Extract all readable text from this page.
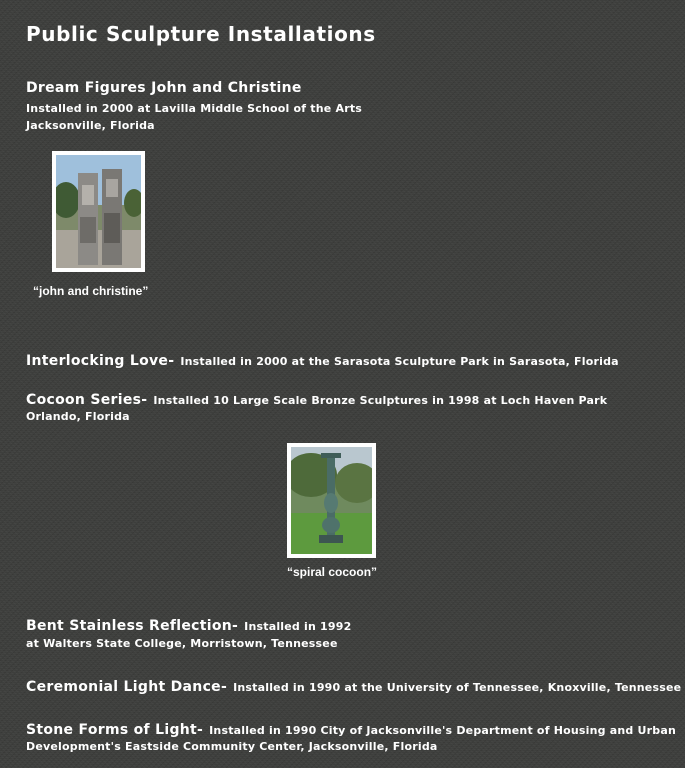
Public Sculpture Installations
Dream Figures John and Christine
Installed in 2000 at Lavilla Middle School of the Arts
Jacksonville, Florida
“john and christine”
Interlocking Love- Installed in 2000 at the Sarasota Sculpture Park in Sarasota, Florida
Cocoon Series- Installed 10 Large Scale Bronze Sculptures in 1998 at Loch Haven Park
Orlando, Florida
“spiral cocoon”
Bent Stainless Reflection- Installed in 1992
at Walters State College, Morristown, Tennessee
Ceremonial Light Dance- Installed in 1990 at the University of Tennessee, Knoxville, Tennessee
Stone Forms of Light- Installed in 1990 City of Jacksonville's Department of Housing and Urban
Development's Eastside Community Center, Jacksonville, Florida
